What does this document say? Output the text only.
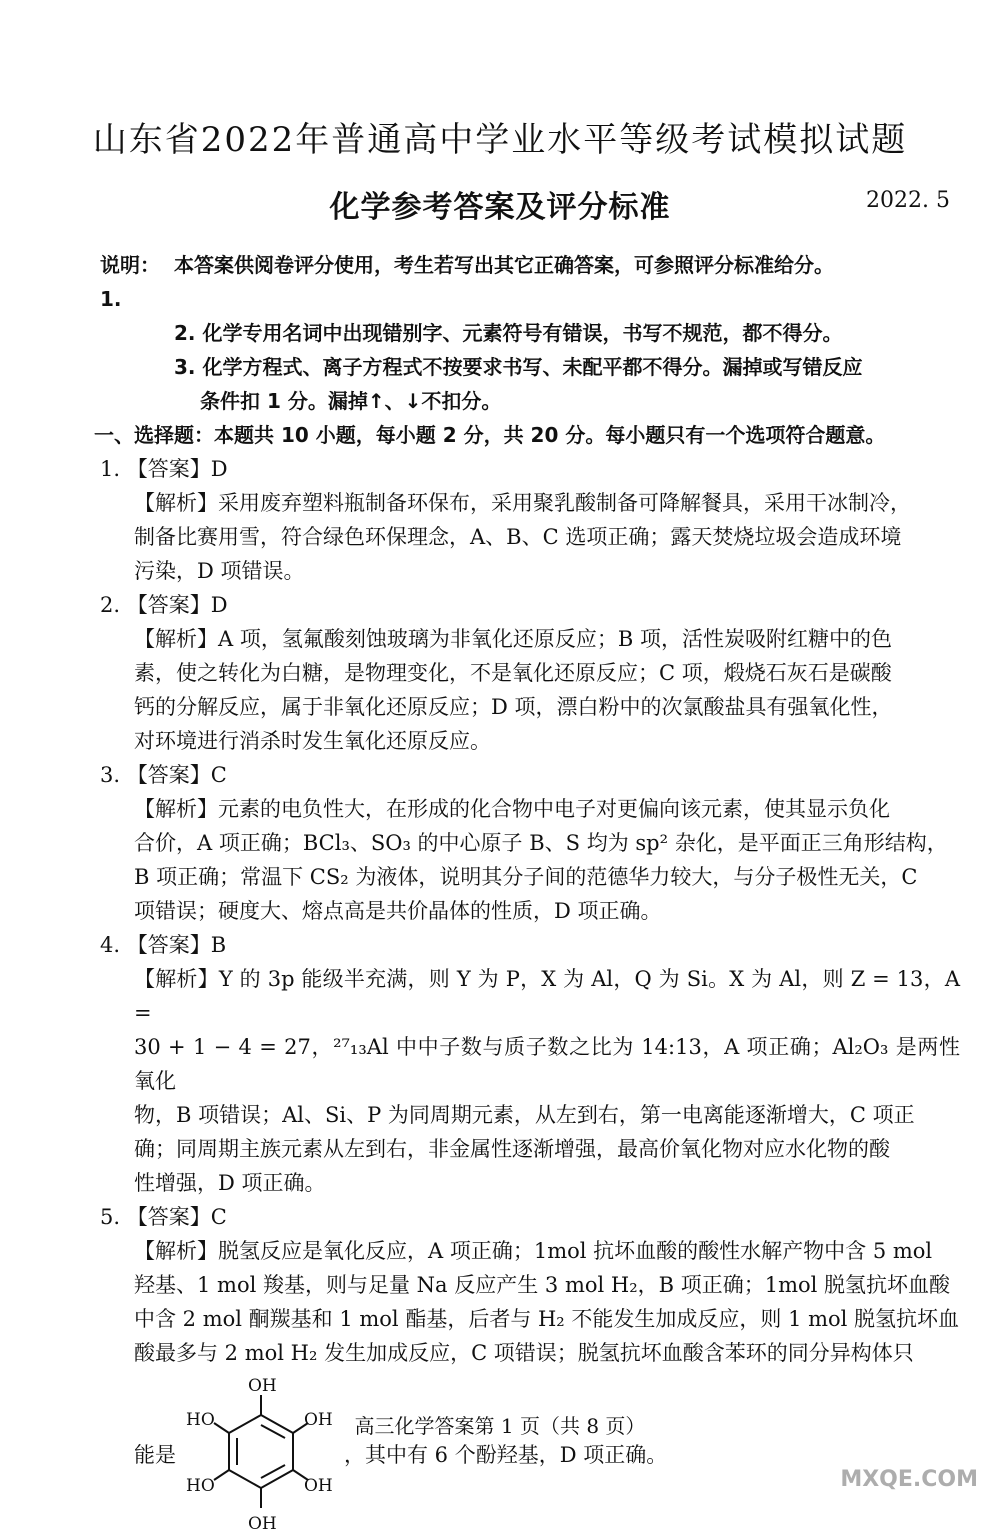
山东省2022年普通高中学业水平等级考试模拟试题
化学参考答案及评分标准	2022. 5
说明：1.
本答案供阅卷评分使用，考生若写出其它正确答案，可参照评分标准给分。
2. 化学专用名词中出现错别字、元素符号有错误，书写不规范，都不得分。
3. 化学方程式、离子方程式不按要求书写、未配平都不得分。漏掉或写错反应
条件扣 1 分。漏掉↑、↓不扣分。
一、选择题：本题共 10 小题，每小题 2 分，共 20 分。每小题只有一个选项符合题意。
1. 【答案】D
【解析】采用废弃塑料瓶制备环保布，采用聚乳酸制备可降解餐具，采用干冰制冷，
制备比赛用雪，符合绿色环保理念，A、B、C 选项正确；露天焚烧垃圾会造成环境
污染，D 项错误。
2. 【答案】D
【解析】A 项，氢氟酸刻蚀玻璃为非氧化还原反应；B 项，活性炭吸附红糖中的色
素，使之转化为白糖，是物理变化，不是氧化还原反应；C 项，煅烧石灰石是碳酸
钙的分解反应，属于非氧化还原反应；D 项，漂白粉中的次氯酸盐具有强氧化性，
对环境进行消杀时发生氧化还原反应。
3. 【答案】C
【解析】元素的电负性大，在形成的化合物中电子对更偏向该元素，使其显示负化
合价，A 项正确；BCl₃、SO₃ 的中心原子 B、S 均为 sp² 杂化，是平面正三角形结构，
B 项正确；常温下 CS₂ 为液体，说明其分子间的范德华力较大，与分子极性无关，C
项错误；硬度大、熔点高是共价晶体的性质，D 项正确。
4. 【答案】B
【解析】Y 的 3p 能级半充满，则 Y 为 P，X 为 Al，Q 为 Si。X 为 Al，则 Z = 13，A =
30 + 1 − 4 = 27，²⁷₁₃Al 中中子数与质子数之比为 14:13，A 项正确；Al₂O₃ 是两性氧化
物，B 项错误；Al、Si、P 为同周期元素，从左到右，第一电离能逐渐增大，C 项正
确；同周期主族元素从左到右，非金属性逐渐增强，最高价氧化物对应水化物的酸
性增强，D 项正确。
5. 【答案】C
【解析】脱氢反应是氧化反应，A 项正确；1mol 抗坏血酸的酸性水解产物中含 5 mol
羟基、1 mol 羧基，则与足量 Na 反应产生 3 mol H₂，B 项正确；1mol 脱氢抗坏血酸
中含 2 mol 酮羰基和 1 mol 酯基，后者与 H₂ 不能发生加成反应，则 1 mol 脱氢抗坏血
酸最多与 2 mol H₂ 发生加成反应，C 项错误；脱氢抗坏血酸含苯环的同分异构体只
能是
OH
HO	OH
HO	OH
OH
，其中有 6 个酚羟基，D 项正确。
高三化学答案第 1 页（共 8 页）
MXQE.COM
